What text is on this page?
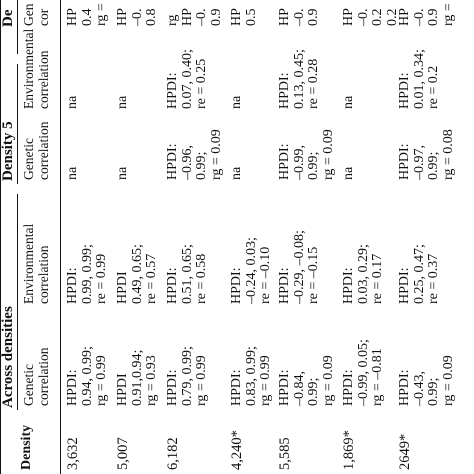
Across densities
Density 5
De
Density
Genetic
correlation
Environmental
correlation
Genetic
correlation
Environmental
correlation
Gen
cor
3,632
HPDI:
0.94, 0.99;
rg = 0.99
HPDI:
0.99, 0.99;
re = 0.99
na
na
HP
0.4
rg =
5,007
HPDI
0.91,0.94;
rg = 0.93
HPDI
0.49, 0.65;
re = 0.57
na
na
HP
–0.
0.8
6,182
HPDI:
0.79, 0.99;
rg = 0.99
HPDI:
0.51, 0.65;
re = 0.58
HPDI:
–0.96,
0.99;
rg = 0.09
HPDI:
0.07, 0.40;
re = 0.25
rg
HP
–0.
0.9
4,240*
HPDI:
0.83, 0.99;
rg = 0.99
HPDI:
–0.24, 0.03;
re = –0.10
na
na
HP
0.5
5,585
HPDI:
–0.84,
0.99;
rg = 0.09
HPDI:
–0.29, –0.08;
re = –0.15
HPDI:
–0.99,
0.99;
rg = 0.09
HPDI:
0.13, 0.45;
re = 0.28
HP
–0.
0.9
1,869*
HPDI:
–0.99, 0.05;
rg = –0.81
HPDI:
0.03, 0.29;
re = 0.17
na
na
HP
–0.
0.2
0.2
2649*
HPDI:
–0.43,
0.99;
rg = 0.09
HPDI:
0.25, 0.47;
re = 0.37
HPDI:
–0.97,
0.99;
rg = 0.08
HPDI:
0.01, 0.34;
re = 0.2
HP
–0.
0.9
rg =
